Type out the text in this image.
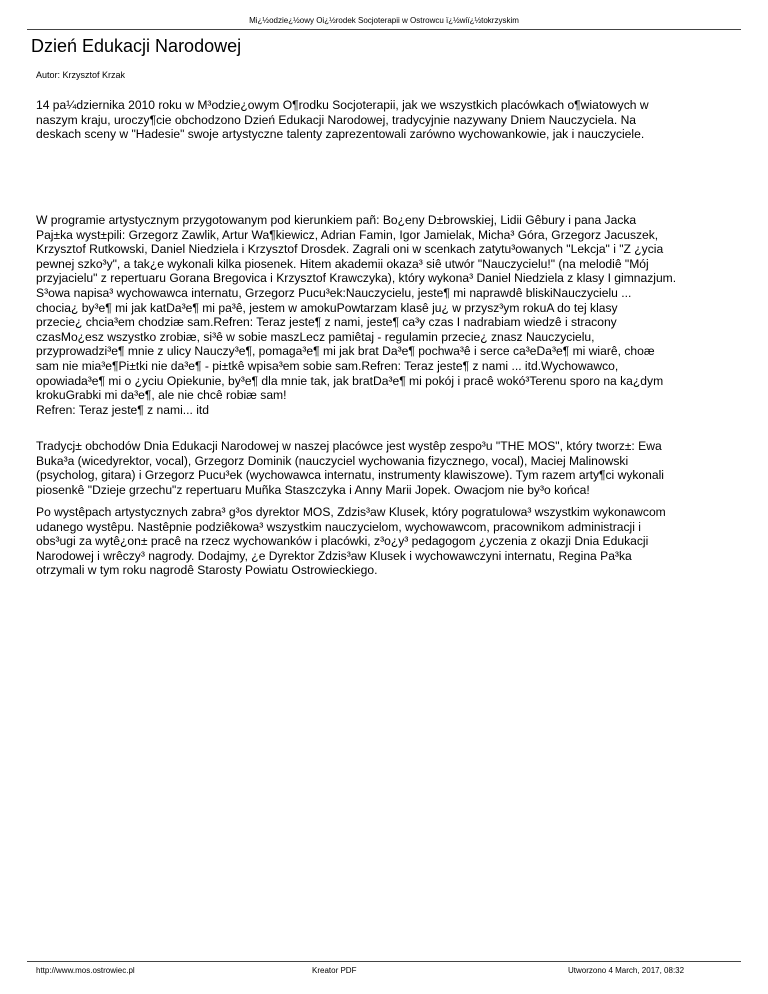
Mi¿½odzie¿½owy Oi¿½rodek Socjoterapii w Ostrowcu ï¿½wiï¿½tokrzyskim
Dzień Edukacji Narodowej
Autor: Krzysztof Krzak

14 pa¼dziernika 2010 roku w M³odzie¿owym O¶rodku Socjoterapii, jak we wszystkich placówkach o¶wiatowych w
naszym kraju, uroczy¶cie obchodzono Dzień Edukacji Narodowej, tradycyjnie nazywany Dniem Nauczyciela. Na
deskach sceny w "Hadesie" swoje artystyczne talenty zaprezentowali zarówno wychowankowie, jak i nauczyciele.

W programie artystycznym przygotowanym pod kierunkiem pañ: Bo¿eny D±browskiej, Lidii Gêbury i pana Jacka
Paj±ka wyst±pili: Grzegorz Zawlik, Artur Wa¶kiewicz, Adrian Famin, Igor Jamielak, Micha³ Góra, Grzegorz Jacuszek,
Krzysztof Rutkowski, Daniel Niedziela i Krzysztof Drosdek. Zagrali oni w scenkach zatytu³owanych "Lekcja" i "Z ¿ycia
pewnej szko³y", a tak¿e wykonali kilka piosenek. Hitem akademii okaza³ siê utwór "Nauczycielu!" (na melodiê "Mój
przyjacielu" z repertuaru Gorana Bregovica i Krzysztof Krawczyka), który wykona³ Daniel Niedziela z klasy I gimnazjum.
S³owa napisa³ wychowawca internatu, Grzegorz Pucu³ek:Nauczycielu, jeste¶ mi naprawdê bliskiNauczycielu ...
chocia¿ by³e¶ mi jak katDa³e¶ mi pa³ê, jestem w amokuPowtarzam klasê ju¿ w przysz³ym rokuA do tej klasy
przecie¿ chcia³em chodziæ sam.Refren: Teraz jeste¶ z nami, jeste¶ ca³y czas I nadrabiam wiedzê i stracony
czasMo¿esz wszystko zrobiæ, si³ê w sobie maszLecz pamiêtaj - regulamin przecie¿ znasz Nauczycielu,
przyprowadzi³e¶ mnie z ulicy Nauczy³e¶, pomaga³e¶ mi jak brat Da³e¶ pochwa³ê i serce ca³eDa³e¶ mi wiarê, choæ
sam nie mia³e¶Pi±tki nie da³e¶ - pi±tkê wpisa³em sobie sam.Refren: Teraz jeste¶ z nami ... itd.Wychowawco,
opowiada³e¶ mi o ¿yciu Opiekunie, by³e¶ dla mnie tak, jak bratDa³e¶ mi pokój i pracê wokó³Terenu sporo na ka¿dym
krokuGrabki mi da³e¶, ale nie chcê robiæ sam!
Refren: Teraz jeste¶ z nami... itd

Tradycj± obchodów Dnia Edukacji Narodowej w naszej placówce jest wystêp zespo³u "THE MOS", który tworz±: Ewa
Buka³a (wicedyrektor, vocal), Grzegorz Dominik (nauczyciel wychowania fizycznego, vocal), Maciej Malinowski
(psycholog, gitara) i Grzegorz Pucu³ek (wychowawca internatu, instrumenty klawiszowe). Tym razem arty¶ci wykonali
piosenkê "Dzieje grzechu"z repertuaru Muñka Staszczyka i Anny Marii Jopek. Owacjom nie by³o końca!

Po wystêpach artystycznych zabra³ g³os dyrektor MOS, Zdzis³aw Klusek, który pogratulowa³ wszystkim wykonawcom
udanego wystêpu. Nastêpnie podziêkowa³ wszystkim nauczycielom, wychowawcom, pracownikom administracji i
obs³ugi za wytê¿on± pracê na rzecz wychowanków i placówki, z³o¿y³ pedagogom ¿yczenia z okazji Dnia Edukacji
Narodowej i wrêczy³ nagrody. Dodajmy, ¿e Dyrektor Zdzis³aw Klusek i wychowawczyni internatu, Regina Pa³ka
otrzymali w tym roku nagrodê Starosty Powiatu Ostrowieckiego.

http://www.mos.ostrowiec.pl	Kreator PDF	Utworzono 4 March, 2017, 08:32
